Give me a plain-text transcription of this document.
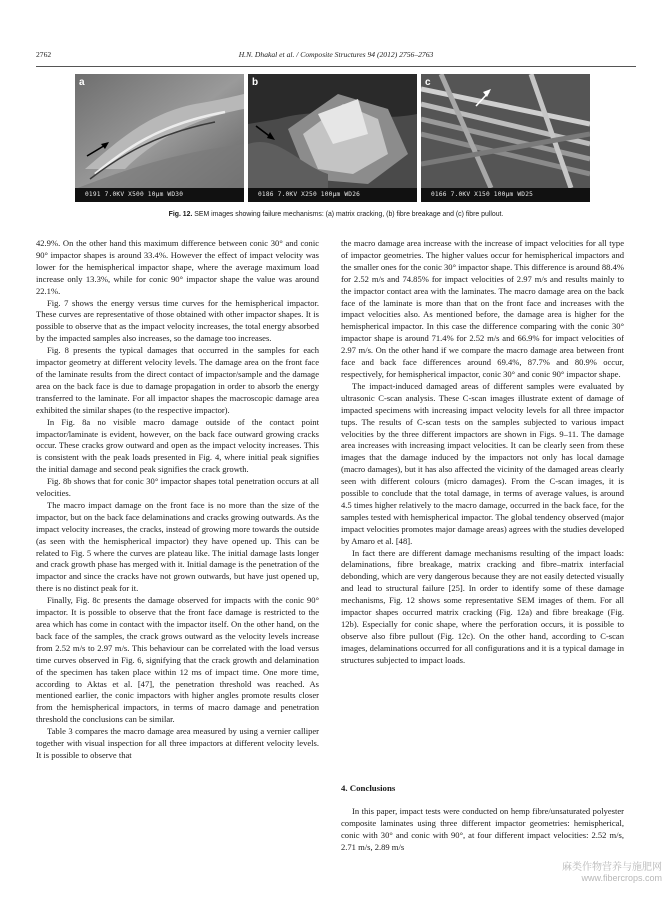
2762	H.N. Dhakal et al. / Composite Structures 94 (2012) 2756–2763
a
0191 7.0KV X500 10μm WD30
b
0186 7.0KV X250 100μm WD26
c
0166 7.0KV X150 100μm WD25
Fig. 12. SEM images showing failure mechanisms: (a) matrix cracking, (b) fibre breakage and (c) fibre pullout.

42.9%. On the other hand this maximum difference between conic 30° and conic 90° impactor shapes is around 33.4%. However the effect of impact velocity was lower for the hemispherical impactor shape, where the average maximum load increase only 13.3%, while for conic 90° impactor shape the value was around 22.1%.

Fig. 7 shows the energy versus time curves for the hemispherical impactor. These curves are representative of those obtained with other impactor shapes. It is possible to observe that as the impact velocity increases, the total energy absorbed by the impacted samples also increases, so the damage too increases.

Fig. 8 presents the typical damages that occurred in the samples for each impactor geometry at different velocity levels. The damage area on the front face of the laminate results from the direct contact of impactor/sample and the damage area on the back face is due to damage propagation in order to absorb the energy transferred to the laminate. For all impactor shapes the macroscopic damage area exhibited the similar shapes (to the respective impactor).

In Fig. 8a no visible macro damage outside of the contact point impactor/laminate is evident, however, on the back face outward growing cracks occur. These cracks grow outward and open as the impact velocity increases. This is consistent with the peak loads presented in Fig. 4, where initial peak signifies the initial damage and second peak signifies the crack growth.

Fig. 8b shows that for conic 30° impactor shapes total penetration occurs at all velocities.

The macro impact damage on the front face is no more than the size of the impactor, but on the back face delaminations and cracks growing outwards. As the impact velocity increases, the cracks, instead of growing more towards the outside (as seen with the hemispherical impactor) they have opened up. This can be related to Fig. 5 where the curves are plateau like. The initial damage lasts longer and crack growth phase has merged with it. Initial damage is the penetration of the impactor and since the cracks have not grown outwards, but have just opened up, there is no distinct peak for it.

Finally, Fig. 8c presents the damage observed for impacts with the conic 90° impactor. It is possible to observe that the front face damage is restricted to the area which has come in contact with the impactor itself. On the other hand, on the back face of the samples, the crack grows outward as the velocity levels increase from 2.52 m/s to 2.97 m/s. This behaviour can be correlated with the load versus time curves observed in Fig. 6, signifying that the crack growth and delamination of the specimen has taken place within 12 ms of impact time. One more time, according to Aktas et al. [47], the penetration threshold was reached. As mentioned earlier, the conic impactors with higher angles promote results closer from the hemispherical impactors, in terms of macro damage and penetration threshold the conclusions can be similar.

Table 3 compares the macro damage area measured by using a vernier calliper together with visual inspection for all three impactors at different velocity levels. It is possible to observe that

the macro damage area increase with the increase of impact velocities for all type of impactor geometries. The higher values occur for hemispherical impactors and the smaller ones for the conic 30° impactor shape. This difference is around 88.4% for 2.52 m/s and 74.85% for impact velocities of 2.97 m/s and results mainly to the impactor contact area with the laminates. The macro damage area on the back face of the laminate is more than that on the front face and increases with the impact velocities also. As mentioned before, the damage area is higher for the hemispherical impactor. In this case the difference comparing with the conic 30° impactor shape is around 71.4% for 2.52 m/s and 66.9% for impact velocities of 2.97 m/s. On the other hand if we compare the macro damage area between front face and back face differences around 69.4%, 87.7% and 80.9% occur, respectively, for hemispherical impactor, conic 30° and conic 90° impactor shape.

The impact-induced damaged areas of different samples were evaluated by ultrasonic C-scan analysis. These C-scan images illustrate extent of damage of impacted specimens with increasing impact velocity levels for all three impactor tups. The results of C-scan tests on the samples subjected to various impact velocities by the three different impactors are shown in Figs. 9–11. The damage area increases with increasing impact velocities. It can be clearly seen from these images that the damage induced by the impactors not only has local damage (macro damages), but it has also affected the vicinity of the damaged areas clearly seen with different colours (micro damages). From the C-scan images, it is possible to conclude that the total damage, in terms of average values, is around 4.5 times higher relatively to the macro damage, occurred in the back face, for the samples tested with hemispherical impactor. The global tendency observed (major impact velocities promotes major damage areas) agrees with the studies developed by Amaro et al. [48].

In fact there are different damage mechanisms resulting of the impact loads: delaminations, fibre breakage, matrix cracking and fibre–matrix interfacial debonding, which are very dangerous because they are not easily detected visually and lead to structural failure [25]. In order to identify some of these damage mechanisms, Fig. 12 shows some representative SEM images of them. For all impactor shapes occurred matrix cracking (Fig. 12a) and fibre breakage (Fig. 12b). Especially for conic shape, where the perforation occurs, it is possible to observe also fibre pullout (Fig. 12c). On the other hand, according to C-scan images, delaminations occurred for all configurations and it is a typical damage in structures subjected to impact loads.

4. Conclusions

In this paper, impact tests were conducted on hemp fibre/unsaturated polyester composite laminates using three different impactor geometries: hemispherical, conic with 30° and conic with 90°, at four different impact velocities: 2.52 m/s, 2.71 m/s, 2.89 m/s

麻类作物营养与施肥网
www.fibercrops.com
